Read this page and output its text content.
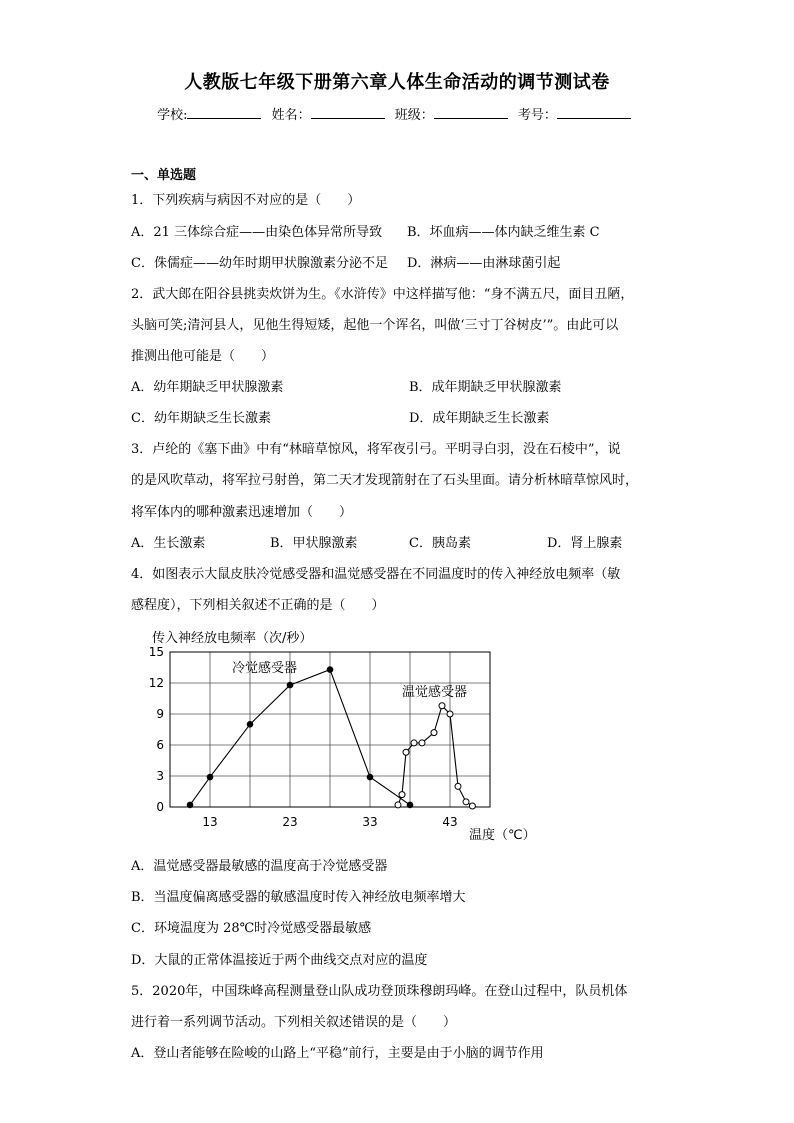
人教版七年级下册第六章人体生命活动的调节测试卷
学校:	姓名：	班级：	考号：
一、单选题
1．下列疾病与病因不对应的是（　　）
A．21 三体综合症——由染色体异常所导致 B．坏血病——体内缺乏维生素 C
C．侏儒症——幼年时期甲状腺激素分泌不足 D．淋病——由淋球菌引起
2．武大郎在阳谷县挑卖炊饼为生。《水浒传》中这样描写他：“身不满五尺，面目丑陋，
头脑可笑;清河县人，见他生得短矮，起他一个诨名，叫做‘三寸丁谷树皮’”。由此可以
推测出他可能是（　　）
A．幼年期缺乏甲状腺激素	B．成年期缺乏甲状腺激素
C．幼年期缺乏生长激素	D．成年期缺乏生长激素
3．卢纶的《塞下曲》中有“林暗草惊风，将军夜引弓。平明寻白羽，没在石棱中”，说
的是风吹草动，将军拉弓射兽，第二天才发现箭射在了石头里面。请分析林暗草惊风时，
将军体内的哪种激素迅速增加（　　）
A．生长激素	B．甲状腺激素	C．胰岛素	D．肾上腺素
4．如图表示大鼠皮肤冷觉感受器和温觉感受器在不同温度时的传入神经放电频率（敏
感程度），下列相关叙述不正确的是（　　）
传入神经放电频率（次/秒）
0
3
6
9
12
15
13	23	33	43
温度（℃）
冷觉感受器
温觉感受器
A．温觉感受器最敏感的温度高于冷觉感受器
B．当温度偏离感受器的敏感温度时传入神经放电频率增大
C．环境温度为 28℃时冷觉感受器最敏感
D．大鼠的正常体温接近于两个曲线交点对应的温度
5．2020年，中国珠峰高程测量登山队成功登顶珠穆朗玛峰。在登山过程中，队员机体
进行着一系列调节活动。下列相关叙述错误的是（　　）
A．登山者能够在险峻的山路上“平稳”前行，主要是由于小脑的调节作用
